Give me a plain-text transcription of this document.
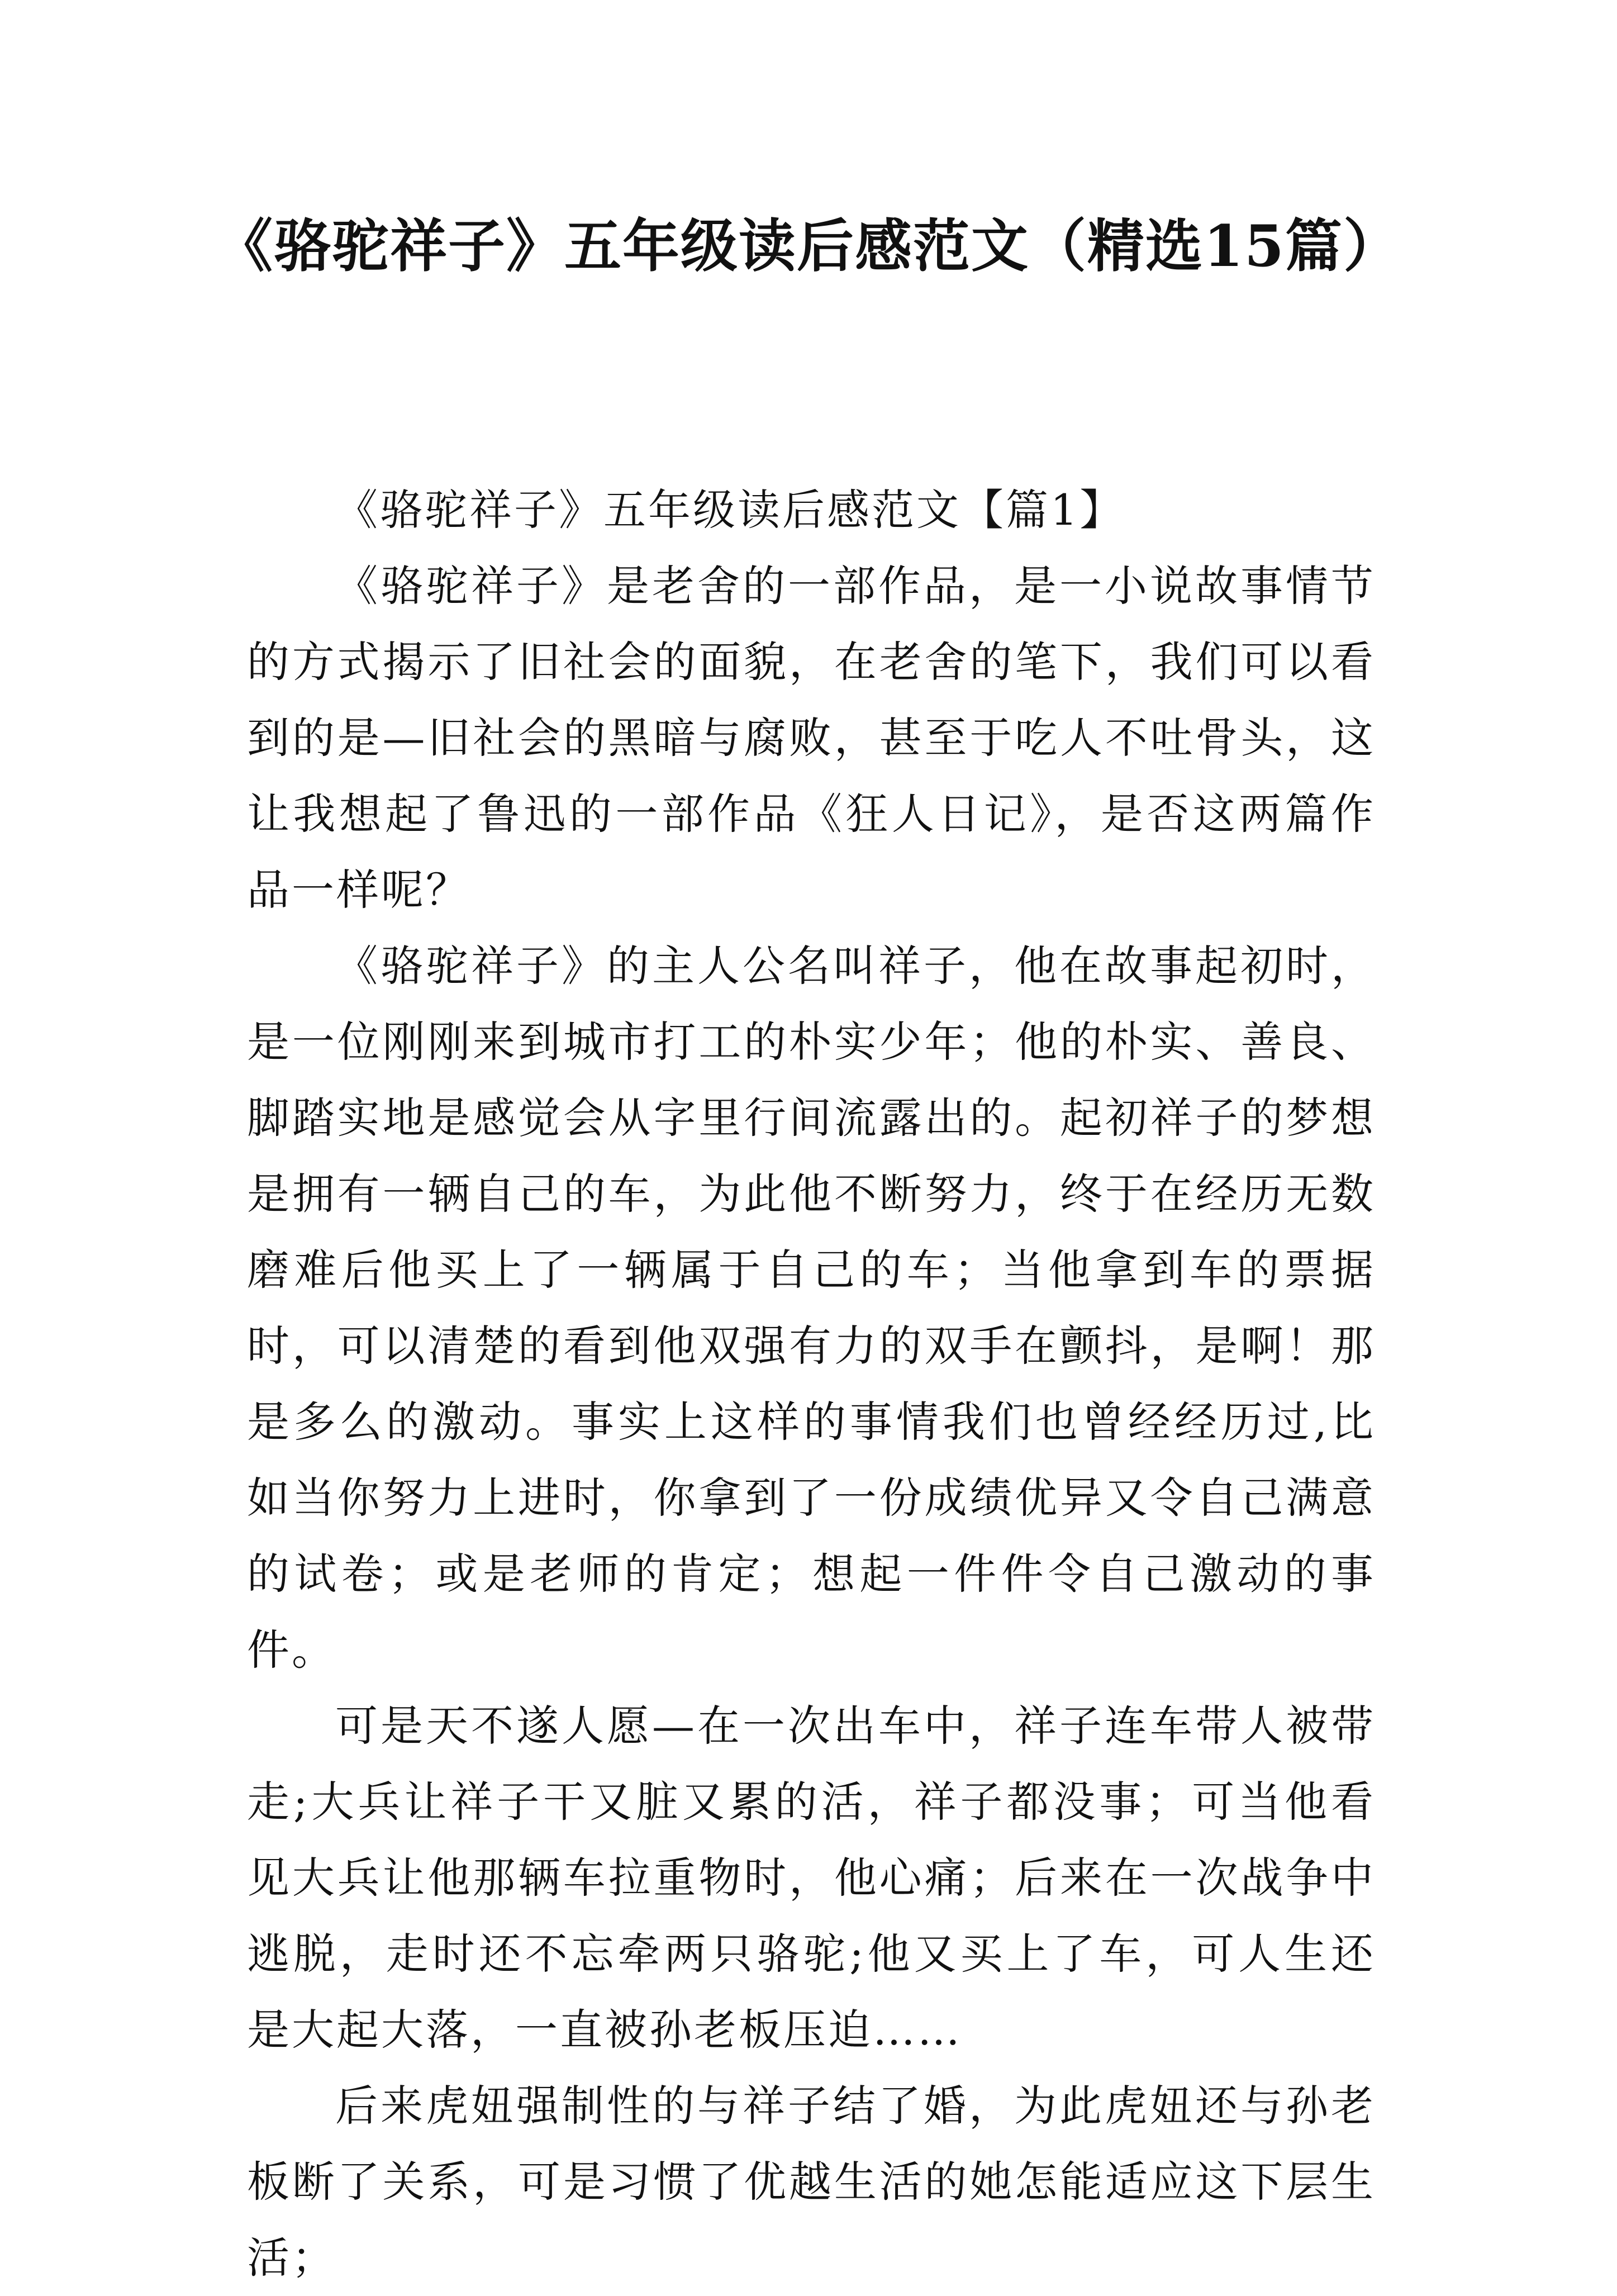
《骆驼祥子》五年级读后感范文（精选15篇）

《骆驼祥子》五年级读后感范文【篇1】

《骆驼祥子》是老舍的一部作品，是一小说故事情节的方式揭示了旧社会的面貌，在老舍的笔下，我们可以看到的是—旧社会的黑暗与腐败，甚至于吃人不吐骨头，这让我想起了鲁迅的一部作品《狂人日记》，是否这两篇作品一样呢？

《骆驼祥子》的主人公名叫祥子，他在故事起初时，是一位刚刚来到城市打工的朴实少年；他的朴实、善良、脚踏实地是感觉会从字里行间流露出的。起初祥子的梦想是拥有一辆自己的车，为此他不断努力，终于在经历无数磨难后他买上了一辆属于自己的车；当他拿到车的票据时，可以清楚的看到他双强有力的双手在颤抖，是啊！那是多么的激动。事实上这样的事情我们也曾经经历过,比如当你努力上进时，你拿到了一份成绩优异又令自己满意的试卷；或是老师的肯定；想起一件件令自己激动的事件。

可是天不遂人愿—在一次出车中，祥子连车带人被带走;大兵让祥子干又脏又累的活，祥子都没事；可当他看见大兵让他那辆车拉重物时，他心痛；后来在一次战争中逃脱，走时还不忘牵两只骆驼;他又买上了车，可人生还是大起大落，一直被孙老板压迫……

后来虎妞强制性的与祥子结了婚，为此虎妞还与孙老板断了关系，可是习惯了优越生活的她怎能适应这下层生活；
